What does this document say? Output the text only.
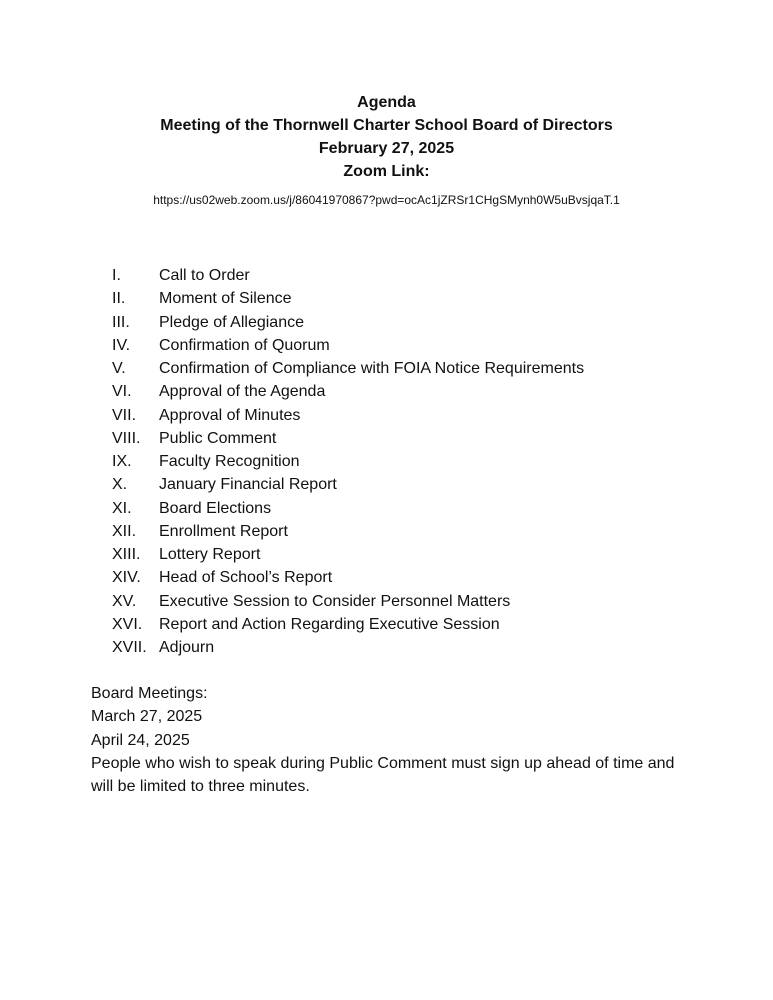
Agenda
Meeting of the Thornwell Charter School Board of Directors
February 27, 2025
Zoom Link:
https://us02web.zoom.us/j/86041970867?pwd=ocAc1jZRSr1CHgSMynh0W5uBvsjqaT.1
I.	Call to Order
II.	Moment of Silence
III.	Pledge of Allegiance
IV.	Confirmation of Quorum
V.	Confirmation of Compliance with FOIA Notice Requirements
VI.	Approval of the Agenda
VII.	Approval of Minutes
VIII.	Public Comment
IX.	Faculty Recognition
X.	January Financial Report
XI.	Board Elections
XII.	Enrollment Report
XIII.	Lottery Report
XIV.	Head of School’s Report
XV.	Executive Session to Consider Personnel Matters
XVI.	Report and Action Regarding Executive Session
XVII. Adjourn
Board Meetings:
March 27, 2025
April 24, 2025
People who wish to speak during Public Comment must sign up ahead of time and will be limited to three minutes.
